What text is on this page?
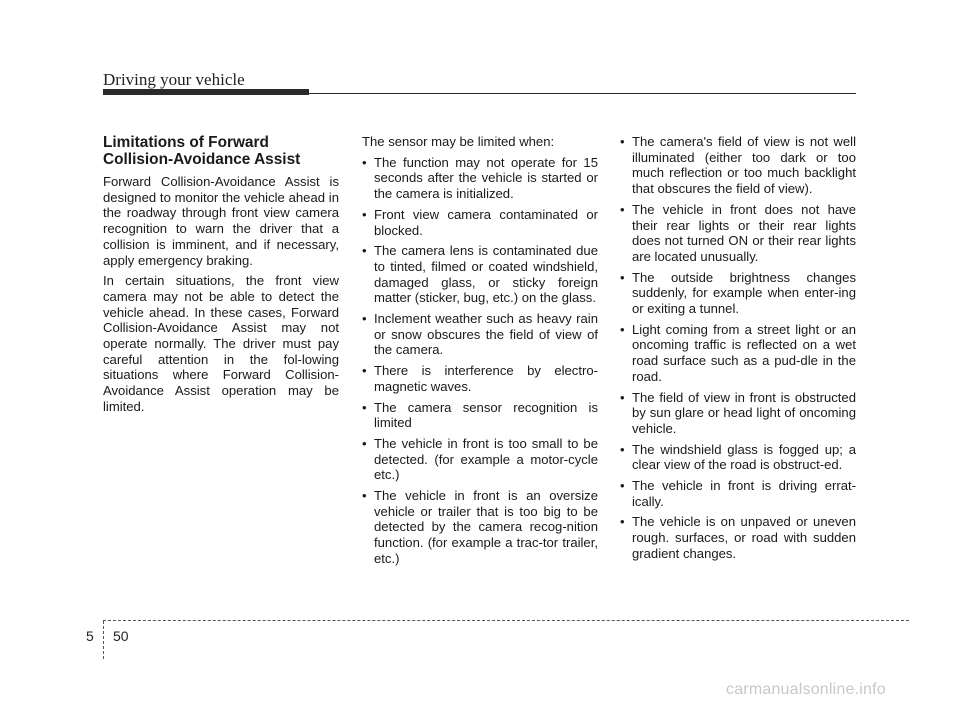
Driving your vehicle
Limitations of Forward Collision-Avoidance Assist

Forward Collision-Avoidance Assist is designed to monitor the vehicle ahead in the roadway through front view camera recognition to warn the driver that a collision is imminent, and if necessary, apply emergency braking.

In certain situations, the front view camera may not be able to detect the vehicle ahead. In these cases, Forward Collision-Avoidance Assist may not operate normally. The driver must pay careful attention in the fol-lowing situations where Forward Collision-Avoidance Assist operation may be limited.

The sensor may be limited when:

• The function may not operate for 15 seconds after the vehicle is started or the camera is initialized.
• Front view camera contaminated or blocked.
• The camera lens is contaminated due to tinted, filmed or coated windshield, damaged glass, or sticky foreign matter (sticker, bug, etc.) on the glass.
• Inclement weather such as heavy rain or snow obscures the field of view of the camera.
• There is interference by electro-magnetic waves.
• The camera sensor recognition is limited
• The vehicle in front is too small to be detected. (for example a motor-cycle etc.)
• The vehicle in front is an oversize vehicle or trailer that is too big to be detected by the camera recog-nition function. (for example a trac-tor trailer, etc.)
• The camera's field of view is not well illuminated (either too dark or too much reflection or too much backlight that obscures the field of view).
• The vehicle in front does not have their rear lights or their rear lights does not turned ON or their rear lights are located unusually.
• The outside brightness changes suddenly, for example when enter-ing or exiting a tunnel.
• Light coming from a street light or an oncoming traffic is reflected on a wet road surface such as a pud-dle in the road.
• The field of view in front is obstructed by sun glare or head light of oncoming vehicle.
• The windshield glass is fogged up; a clear view of the road is obstruct-ed.
• The vehicle in front is driving errat-ically.
• The vehicle is on unpaved or uneven rough. surfaces, or road with sudden gradient changes.
5 50
carmanualsonline.info
